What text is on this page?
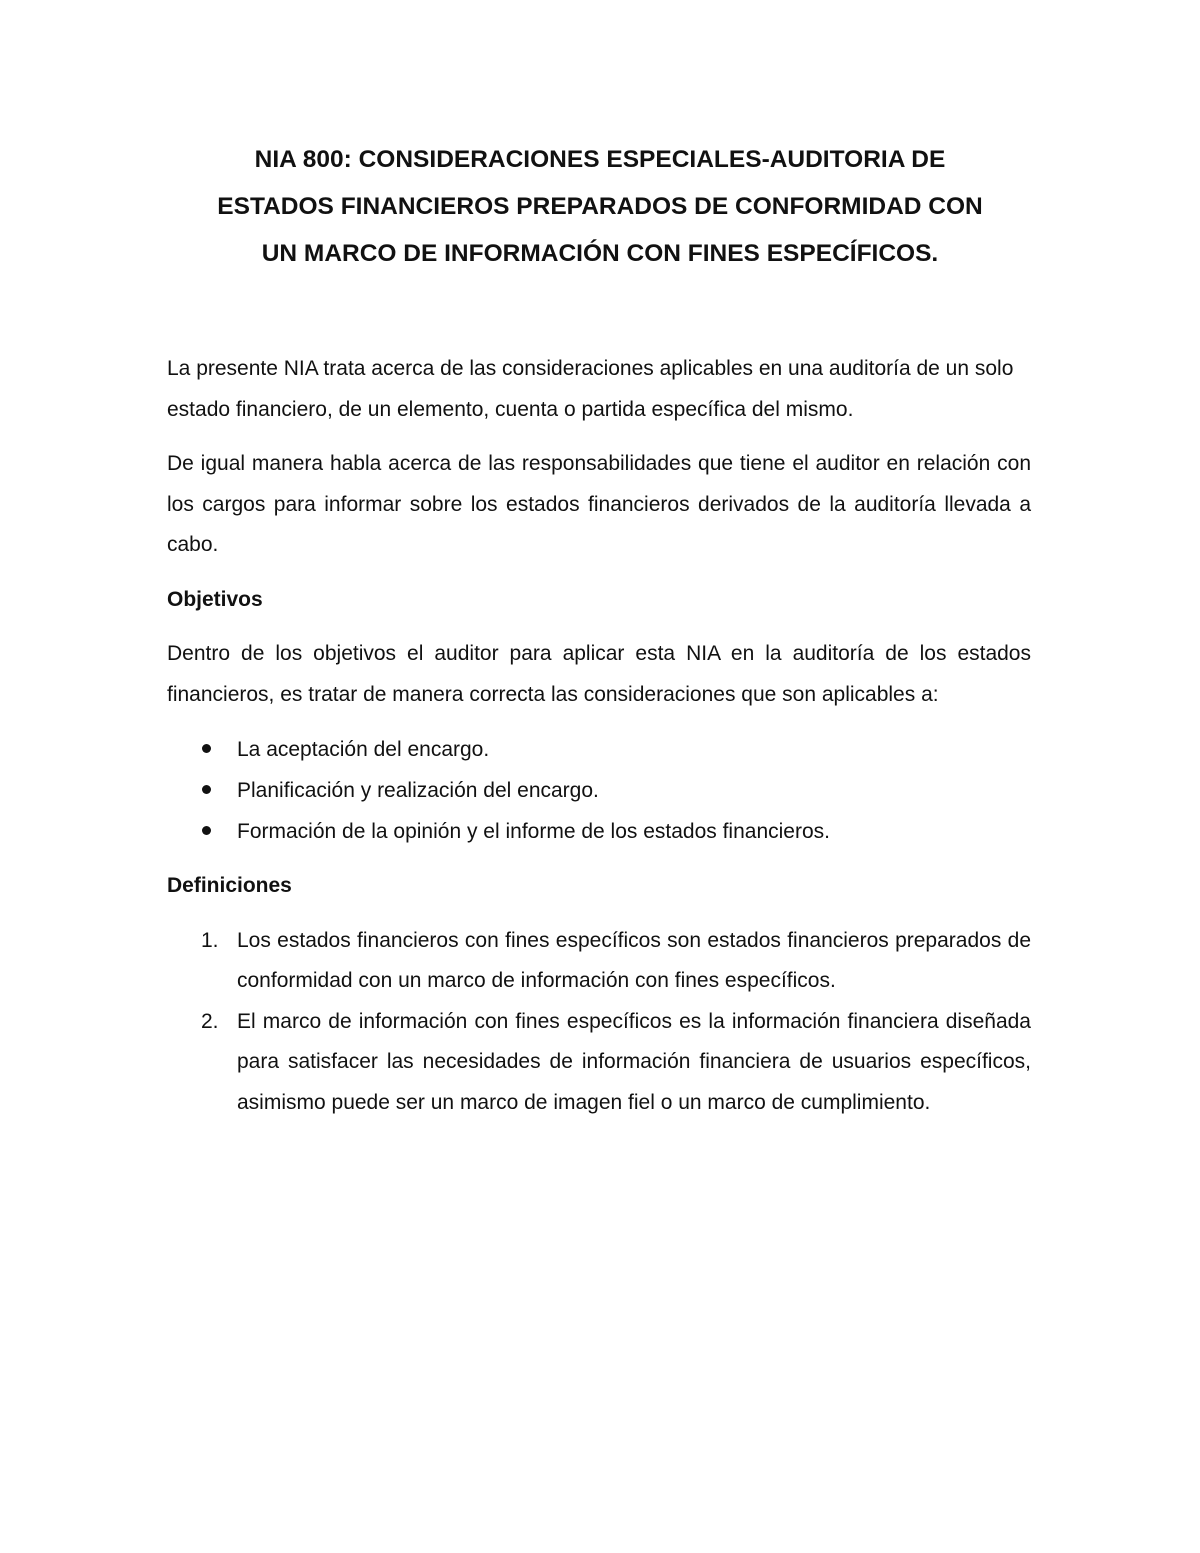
NIA 800: CONSIDERACIONES ESPECIALES-AUDITORIA DE
ESTADOS FINANCIEROS PREPARADOS DE CONFORMIDAD CON
UN MARCO DE INFORMACIÓN CON FINES ESPECÍFICOS.

La presente NIA trata acerca de las consideraciones aplicables en una auditoría de un solo estado financiero, de un elemento, cuenta o partida específica del mismo.

De igual manera habla acerca de las responsabilidades que tiene el auditor en relación con los cargos para informar sobre los estados financieros derivados de la auditoría llevada a cabo.

Objetivos

Dentro de los objetivos el auditor para aplicar esta NIA en la auditoría de los estados financieros, es tratar de manera correcta las consideraciones que son aplicables a:

La aceptación del encargo.
Planificación y realización del encargo.
Formación de la opinión y el informe de los estados financieros.
Definiciones
1. Los estados financieros con fines específicos son estados financieros preparados de conformidad con un marco de información con fines específicos.
2. El marco de información con fines específicos es la información financiera diseñada para satisfacer las necesidades de información financiera de usuarios específicos, asimismo puede ser un marco de imagen fiel o un marco de cumplimiento.
